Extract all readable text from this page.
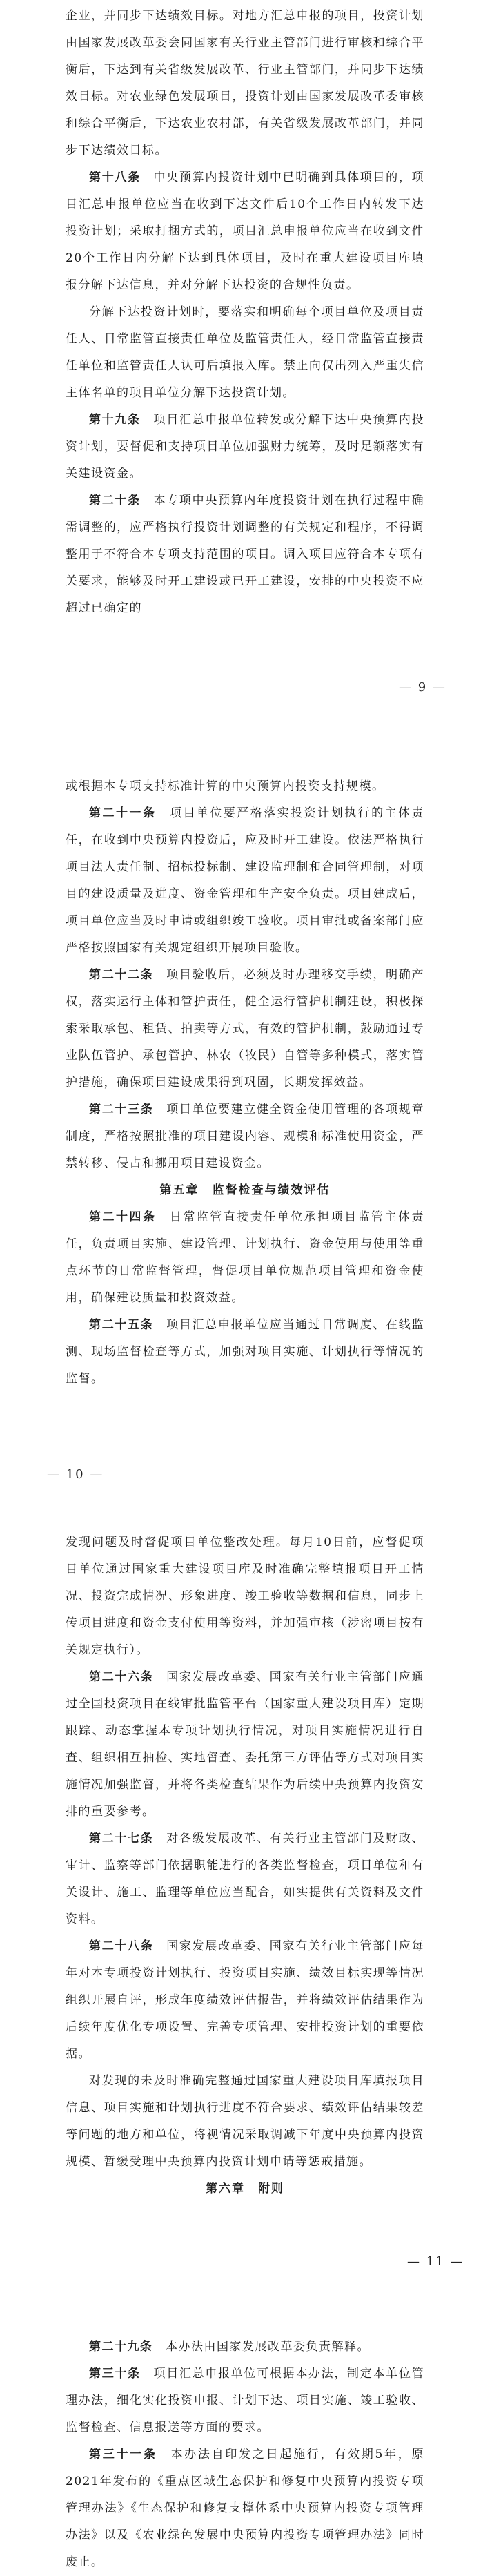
企业，并同步下达绩效目标。对地方汇总申报的项目，投资计划由国家发展改革委会同国家有关行业主管部门进行审核和综合平衡后，下达到有关省级发展改革、行业主管部门，并同步下达绩效目标。对农业绿色发展项目，投资计划由国家发展改革委审核和综合平衡后，下达农业农村部，有关省级发展改革部门，并同步下达绩效目标。

第十八条　 中央预算内投资计划中已明确到具体项目的，项目汇总申报单位应当在收到下达文件后10个工作日内转发下达投资计划；采取打捆方式的，项目汇总申报单位应当在收到文件20个工作日内分解下达到具体项目，及时在重大建设项目库填报分解下达信息，并对分解下达投资的合规性负责。

分解下达投资计划时，要落实和明确每个项目单位及项目责任人、日常监管直接责任单位及监管责任人，经日常监管直接责任单位和监管责任人认可后填报入库。禁止向仅出列入严重失信主体名单的项目单位分解下达投资计划。

第十九条　 项目汇总申报单位转发或分解下达中央预算内投资计划，要督促和支持项目单位加强财力统筹，及时足额落实有关建设资金。

第二十条　 本专项中央预算内年度投资计划在执行过程中确需调整的，应严格执行投资计划调整的有关规定和程序，不得调整用于不符合本专项支持范围的项目。调入项目应符合本专项有关要求，能够及时开工建设或已开工建设，安排的中央投资不应超过已确定的

— 9 —

或根据本专项支持标准计算的中央预算内投资支持规模。

第二十一条　 项目单位要严格落实投资计划执行的主体责任，在收到中央预算内投资后，应及时开工建设。依法严格执行项目法人责任制、招标投标制、建设监理制和合同管理制，对项目的建设质量及进度、资金管理和生产安全负责。项目建成后，项目单位应当及时申请或组织竣工验收。项目审批或备案部门应严格按照国家有关规定组织开展项目验收。

第二十二条　 项目验收后，必须及时办理移交手续，明确产权，落实运行主体和管护责任，健全运行管护机制建设，积极探索采取承包、租赁、拍卖等方式，有效的管护机制，鼓励通过专业队伍管护、承包管护、林农（牧民）自管等多种模式，落实管护措施，确保项目建设成果得到巩固，长期发挥效益。

第二十三条　 项目单位要建立健全资金使用管理的各项规章制度，严格按照批准的项目建设内容、规模和标准使用资金，严禁转移、侵占和挪用项目建设资金。

第五章　监督检查与绩效评估

第二十四条　 日常监管直接责任单位承担项目监管主体责任，负责项目实施、建设管理、计划执行、资金使用与使用等重点环节的日常监督管理，督促项目单位规范项目管理和资金使用，确保建设质量和投资效益。

第二十五条　 项目汇总申报单位应当通过日常调度、在线监测、现场监督检查等方式，加强对项目实施、计划执行等情况的监督。

— 10 —

发现问题及时督促项目单位整改处理。每月10日前，应督促项目单位通过国家重大建设项目库及时准确完整填报项目开工情况、投资完成情况、形象进度、竣工验收等数据和信息，同步上传项目进度和资金支付使用等资料，并加强审核（涉密项目按有关规定执行）。

第二十六条　 国家发展改革委、国家有关行业主管部门应通过全国投资项目在线审批监管平台（国家重大建设项目库）定期跟踪、动态掌握本专项计划执行情况，对项目实施情况进行自查、组织相互抽检、实地督查、委托第三方评估等方式对项目实施情况加强监督，并将各类检查结果作为后续中央预算内投资安排的重要参考。

第二十七条　 对各级发展改革、有关行业主管部门及财政、审计、监察等部门依据职能进行的各类监督检查，项目单位和有关设计、施工、监理等单位应当配合，如实提供有关资料及文件资料。

第二十八条　 国家发展改革委、国家有关行业主管部门应每年对本专项投资计划执行、投资项目实施、绩效目标实现等情况组织开展自评，形成年度绩效评估报告，并将绩效评估结果作为后续年度优化专项设置、完善专项管理、安排投资计划的重要依据。

对发现的未及时准确完整通过国家重大建设项目库填报项目信息、项目实施和计划执行进度不符合要求、绩效评估结果较差等问题的地方和单位，将视情况采取调减下年度中央预算内投资规模、暂缓受理中央预算内投资计划申请等惩戒措施。

第六章　附则

— 11 —

第二十九条　 本办法由国家发展改革委负责解释。

第三十条　 项目汇总申报单位可根据本办法，制定本单位管理办法，细化实化投资申报、计划下达、项目实施、竣工验收、监督检查、信息报送等方面的要求。

第三十一条　 本办法自印发之日起施行，有效期5年，原2021年发布的《重点区域生态保护和修复中央预算内投资专项管理办法》《生态保护和修复支撑体系中央预算内投资专项管理办法》以及《农业绿色发展中央预算内投资专项管理办法》同时废止。
